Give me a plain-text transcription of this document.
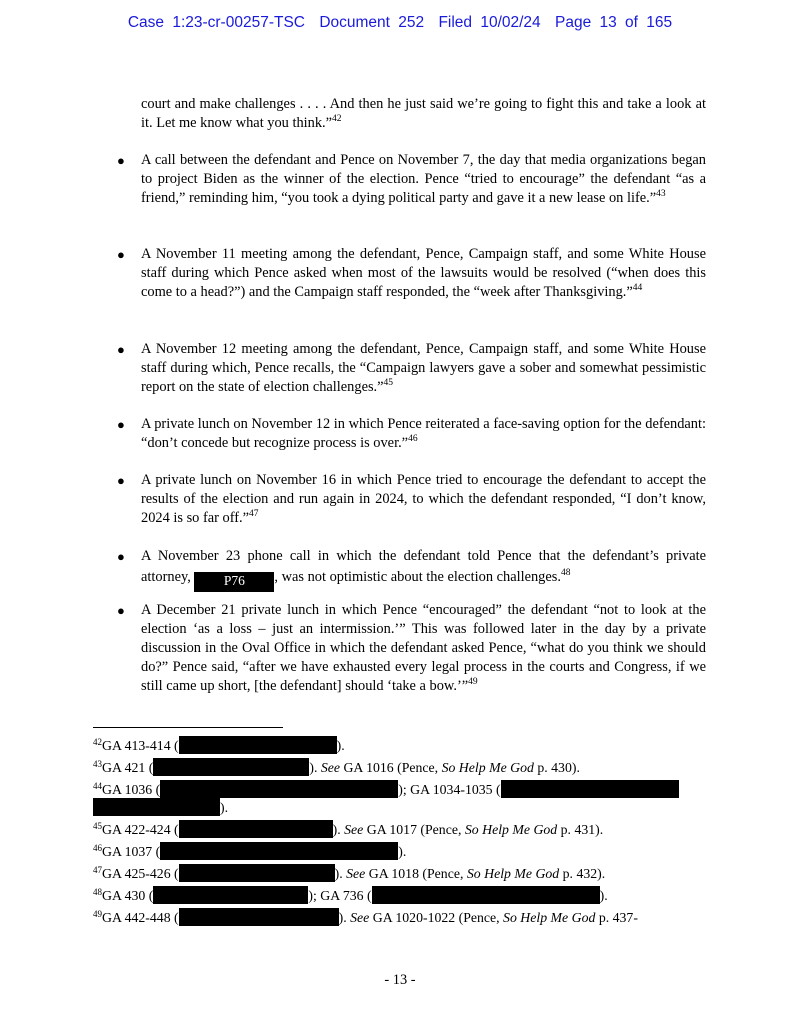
Case 1:23-cr-00257-TSC Document 252 Filed 10/02/24 Page 13 of 165
court and make challenges . . . . And then he just said we’re going to fight this and take a look at it. Let me know what you think.”$^{42}$
● A call between the defendant and Pence on November 7, the day that media organizations began to project Biden as the winner of the election. Pence “tried to encourage” the defendant “as a friend,” reminding him, “you took a dying political party and gave it a new lease on life.”$^{43}$
● A November 11 meeting among the defendant, Pence, Campaign staff, and some White House staff during which Pence asked when most of the lawsuits would be resolved (“when does this come to a head?”) and the Campaign staff responded, the “week after Thanksgiving.”$^{44}$
● A November 12 meeting among the defendant, Pence, Campaign staff, and some White House staff during which, Pence recalls, the “Campaign lawyers gave a sober and somewhat pessimistic report on the state of election challenges.”$^{45}$
● A private lunch on November 12 in which Pence reiterated a face-saving option for the defendant: “don’t concede but recognize process is over.”$^{46}$
● A private lunch on November 16 in which Pence tried to encourage the defendant to accept the results of the election and run again in 2024, to which the defendant responded, “I don’t know, 2024 is so far off.”$^{47}$
● A November 23 phone call in which the defendant told Pence that the defendant’s private attorney, P76 , was not optimistic about the election challenges.$^{48}$
● A December 21 private lunch in which Pence “encouraged” the defendant “not to look at the election ‘as a loss – just an intermission.’” This was followed later in the day by a private discussion in the Oval Office in which the defendant asked Pence, “what do you think we should do?” Pence said, “after we have exhausted every legal process in the courts and Congress, if we still came up short, [the defendant] should ‘take a bow.’”$^{49}$
$^{42}$GA 413-414 (	).
$^{43}$GA 421 (	). See GA 1016 (Pence, So Help Me God p. 430).
$^{44}$GA 1036 (	); GA 1034-1035 (
).
$^{45}$GA 422-424 (	). See GA 1017 (Pence, So Help Me God p. 431).
$^{46}$GA 1037 (	).
$^{47}$GA 425-426 (	). See GA 1018 (Pence, So Help Me God p. 432).
$^{48}$GA 430 (	); GA 736 (	).
$^{49}$GA 442-448 (	). See GA 1020-1022 (Pence, So Help Me God p. 437-
- 13 -
